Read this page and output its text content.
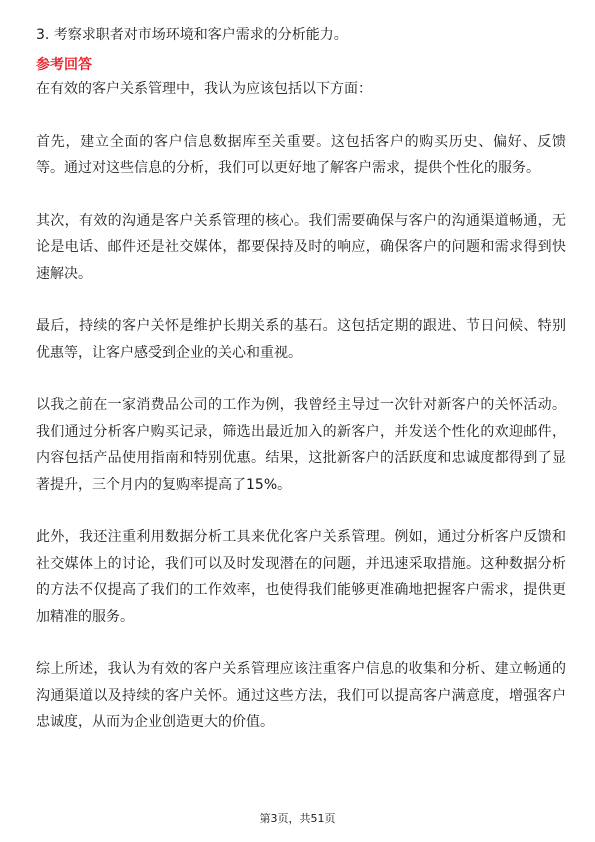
3. 考察求职者对市场环境和客户需求的分析能力。

参考回答

在有效的客户关系管理中，我认为应该包括以下方面：

首先，建立全面的客户信息数据库至关重要。这包括客户的购买历史、偏好、反馈等。通过对这些信息的分析，我们可以更好地了解客户需求，提供个性化的服务。

其次，有效的沟通是客户关系管理的核心。我们需要确保与客户的沟通渠道畅通，无论是电话、邮件还是社交媒体，都要保持及时的响应，确保客户的问题和需求得到快速解决。

最后，持续的客户关怀是维护长期关系的基石。这包括定期的跟进、节日问候、特别优惠等，让客户感受到企业的关心和重视。

以我之前在一家消费品公司的工作为例，我曾经主导过一次针对新客户的关怀活动。我们通过分析客户购买记录，筛选出最近加入的新客户，并发送个性化的欢迎邮件，内容包括产品使用指南和特别优惠。结果，这批新客户的活跃度和忠诚度都得到了显著提升，三个月内的复购率提高了15%。

此外，我还注重利用数据分析工具来优化客户关系管理。例如，通过分析客户反馈和社交媒体上的讨论，我们可以及时发现潜在的问题，并迅速采取措施。这种数据分析的方法不仅提高了我们的工作效率，也使得我们能够更准确地把握客户需求，提供更加精准的服务。

综上所述，我认为有效的客户关系管理应该注重客户信息的收集和分析、建立畅通的沟通渠道以及持续的客户关怀。通过这些方法，我们可以提高客户满意度，增强客户忠诚度，从而为企业创造更大的价值。

第3页，共51页
